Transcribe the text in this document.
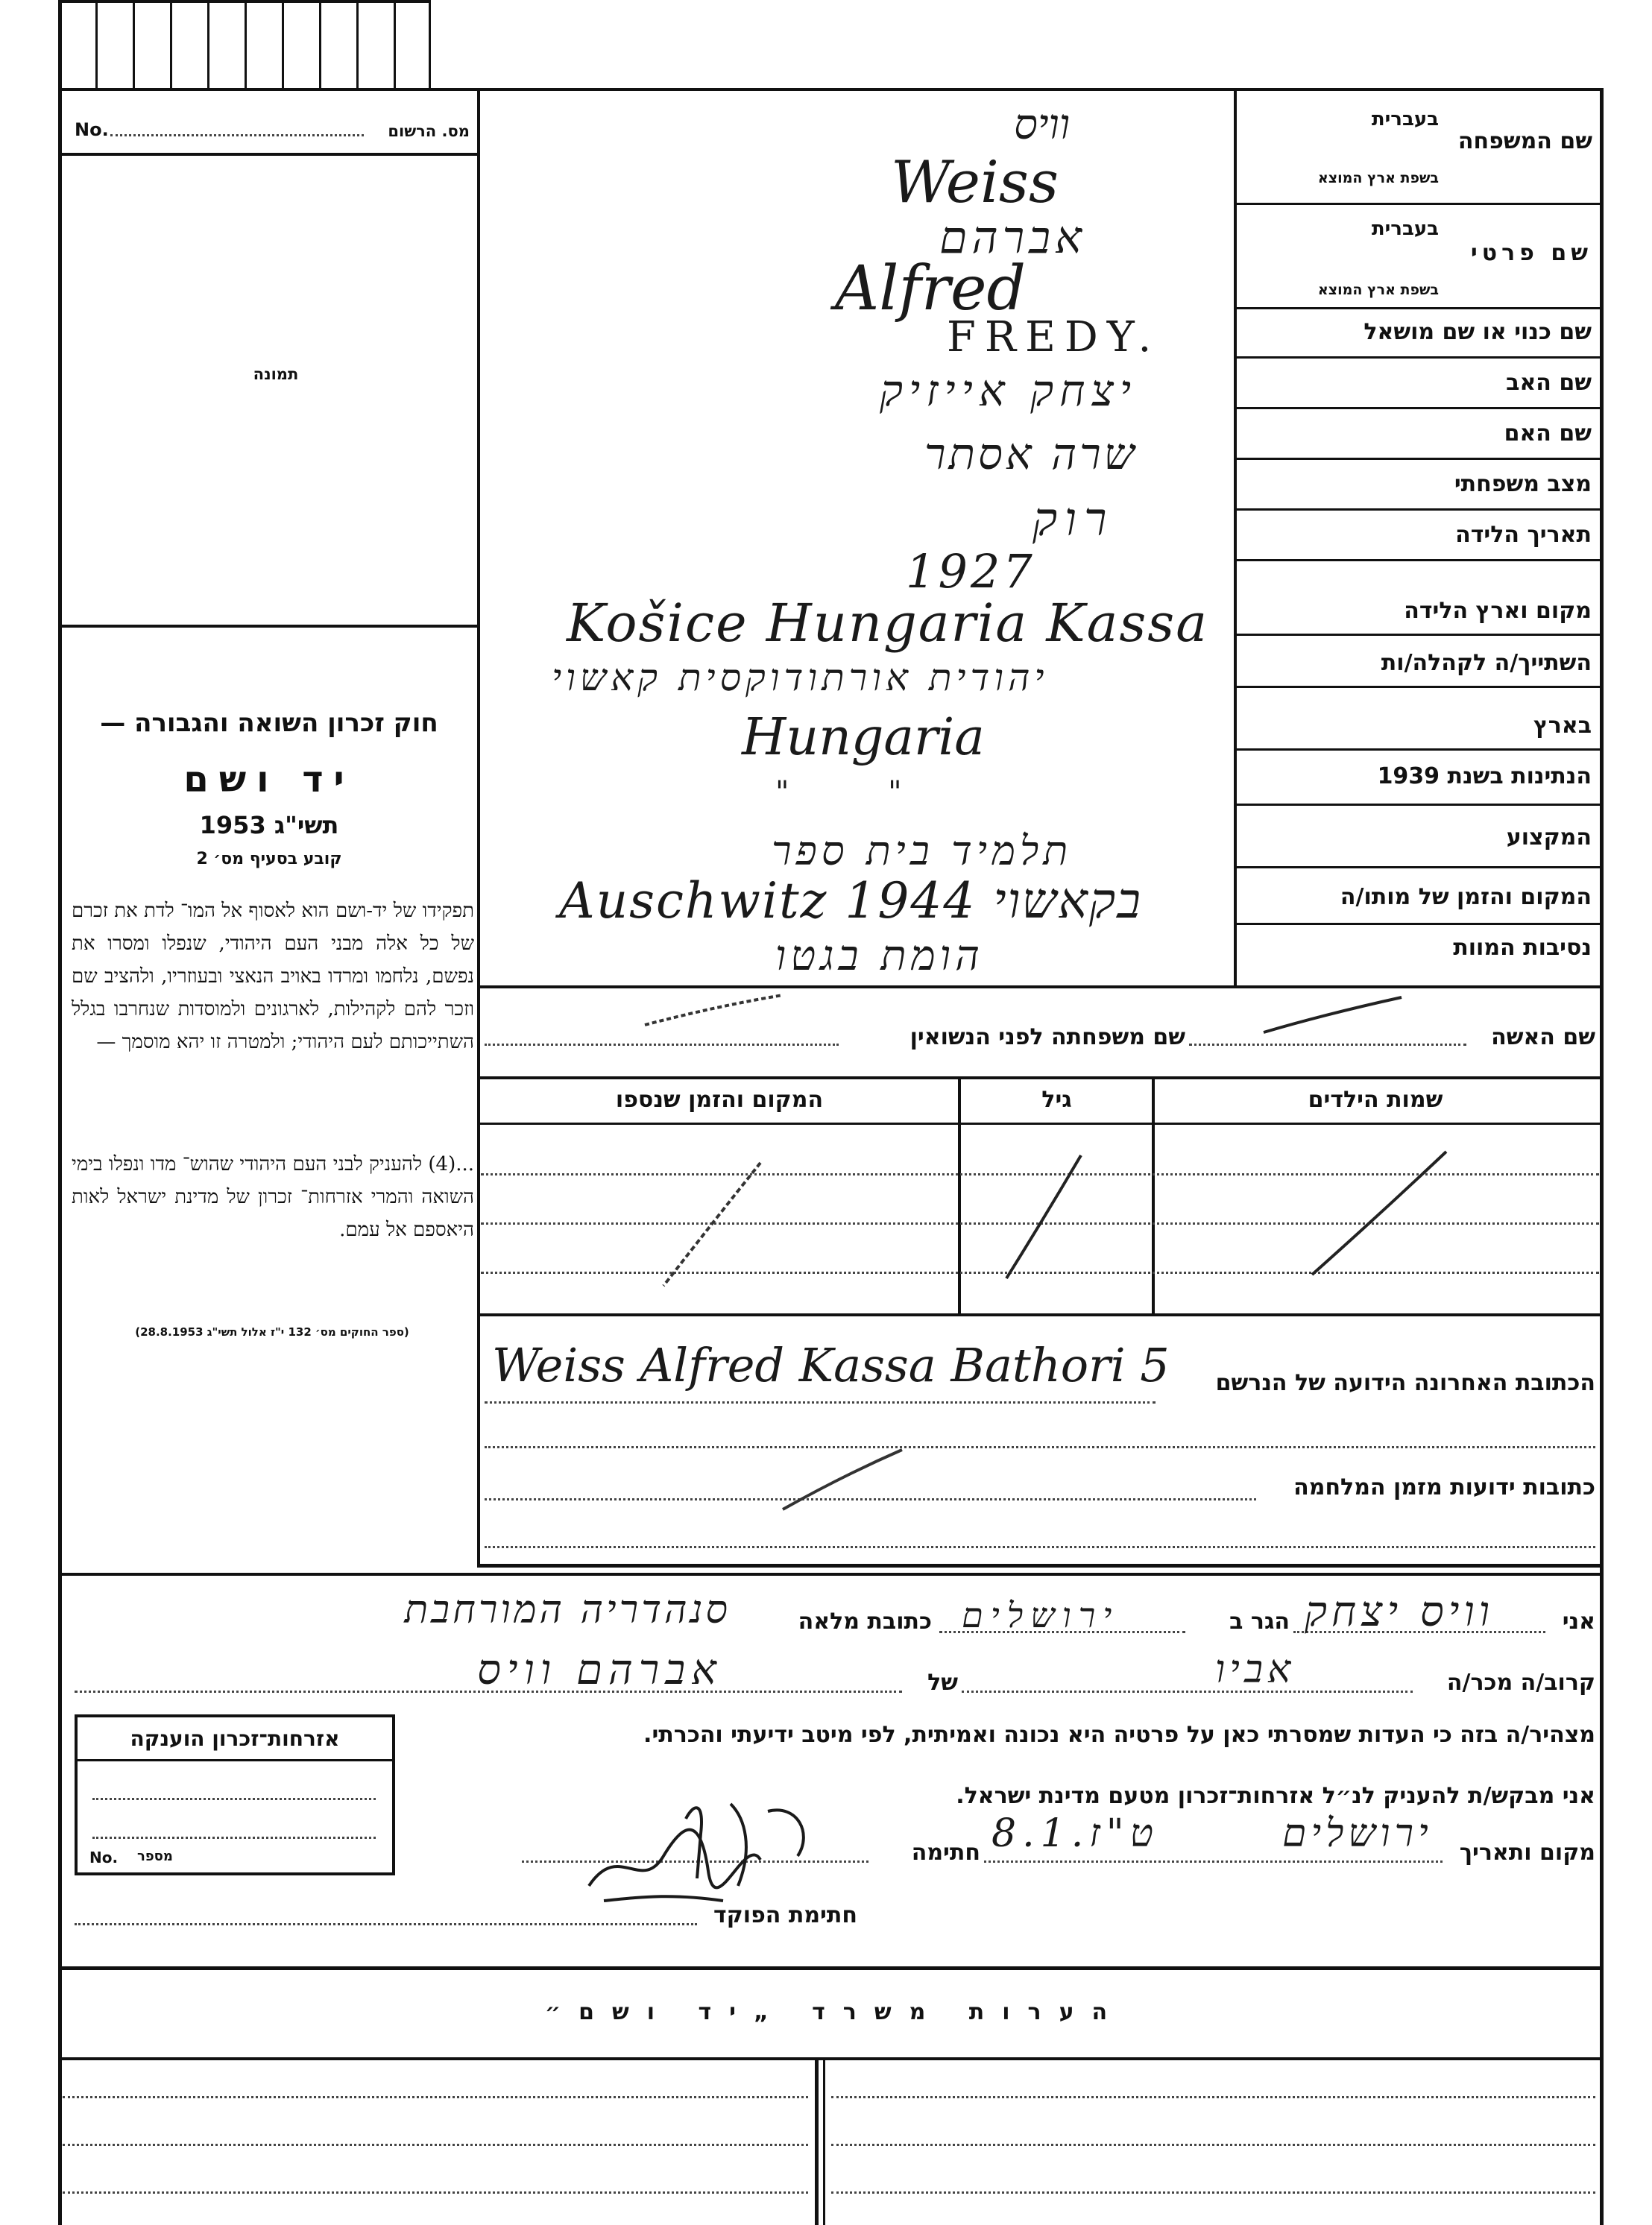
No.	מס. הרשום
תמונה
חוק זכרון השואה והגבורה —
יד ושם
תשי"ג 1953
קובע בסעיף מס׳ 2
תפקידו של יד-ושם הוא לאסוף אל המו־ לדת את זכרם של כל אלה מבני העם היהודי, שנפלו ומסרו את נפשם, נלחמו ומרדו באויב הנאצי ובעוזריו, ולהציב שם וזכר להם לקהילות, לארגונים ולמוסדות שנחרבו בגלל השתייכותם לעם היהודי; ולמטרה זו יהא מוסמך —
...(4) להעניק לבני העם היהודי שהוש־ מדו ונפלו בימי השואה והמרי אזרחות־ זכרון של מדינת ישראל לאות היאספם אל עמם.
(ספר החוקים מס׳ 132 י"ז אלול תשי"ג 28.8.1953)
בעברית
שם המשפחה
בשפת ארץ המוצא
בעברית
שם פרטי
בשפת ארץ המוצא
שם כנוי או שם מושאל
שם האב
שם האם
מצב משפחתי
תאריך הלידה
מקום וארץ הלידה
השתייך/ה לקהלה/ות
בארץ
הנתינות בשנת 1939
המקצוע
המקום והזמן של מותו/ה
נסיבות המוות
וויס
Weiss
אברהם
Alfred
FREDY.
יצחק אייזיק
שרה אסתר
רוק
1927
Košice Hungaria Kassa
יהודית אורתודוקסית קאשוי
Hungaria
" "
תלמיד בית ספר
Auschwitz 1944 בקאשוי
הומת בגטו
שם האשה
שם משפחתה לפני הנשואין
שמות הילדים
גיל
המקום והזמן שנספו
הכתובת האחרונה הידועה של הנרשם
Weiss Alfred Kassa Bathori 5
כתובות ידועות מזמן המלחמה
אני
וויס יצחק
הגר ב
ירושלים
כתובת מלאה
סנהדריה המורחבת
קרוב/ה מכר/ה
אביו
של
אברהם וויס
מצהיר/ה בזה כי העדות שמסרתי כאן על פרטיה היא נכונה ואמיתית, לפי מיטב ידיעתי והכרתי.
אני מבקש/ת להעניק לנ״ל אזרחות־זכרון מטעם מדינת ישראל.
מקום ותאריך
ירושלים
8.1.ט"ז
חתימה
חתימת הפוקד
אזרחות־זכרון הוענקה
No. מספר
הערות משרד „יד ושם״
